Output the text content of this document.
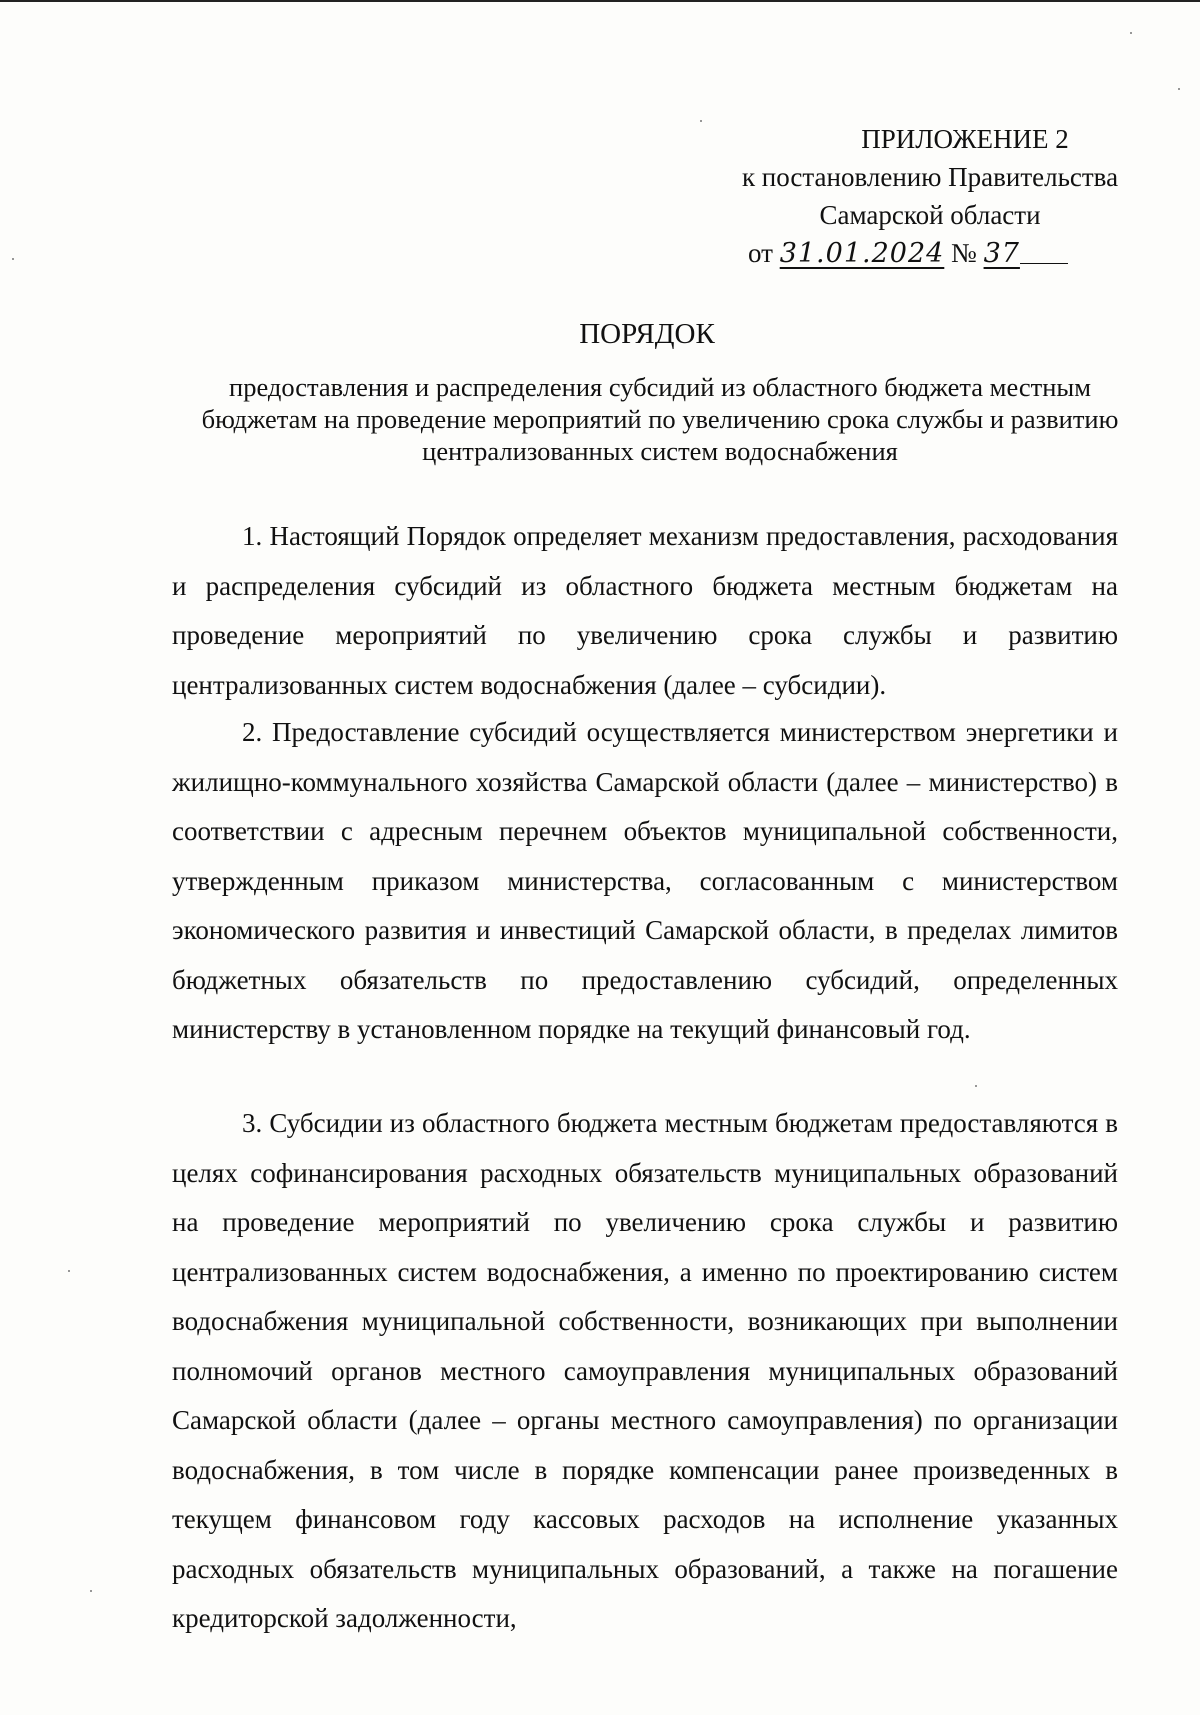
ПРИЛОЖЕНИЕ 2
к постановлению Правительства
Самарской области
от 31.01.2024 № 37
ПОРЯДОК
предоставления и распределения субсидий из областного бюджета местным бюджетам на проведение мероприятий по увеличению срока службы и развитию централизованных систем водоснабжения
1. Настоящий Порядок определяет механизм предоставления, расходования и распределения субсидий из областного бюджета местным бюджетам на проведение мероприятий по увеличению срока службы и развитию централизованных систем водоснабжения (далее – субсидии).
2. Предоставление субсидий осуществляется министерством энергетики и жилищно-коммунального хозяйства Самарской области (далее – министерство) в соответствии с адресным перечнем объектов муниципальной собственности, утвержденным приказом министерства, согласованным с министерством экономического развития и инвестиций Самарской области, в пределах лимитов бюджетных обязательств по предоставлению субсидий, определенных министерству в установленном порядке на текущий финансовый год.
3. Субсидии из областного бюджета местным бюджетам предоставляются в целях софинансирования расходных обязательств муниципальных образований на проведение мероприятий по увеличению срока службы и развитию централизованных систем водоснабжения, а именно по проектированию систем водоснабжения муниципальной собственности, возникающих при выполнении полномочий органов местного самоуправления муниципальных образований Самарской области (далее – органы местного самоуправления) по организации водоснабжения, в том числе в порядке компенсации ранее произведенных в текущем финансовом году кассовых расходов на исполнение указанных расходных обязательств муниципальных образований, а также на погашение кредиторской задолженности,
